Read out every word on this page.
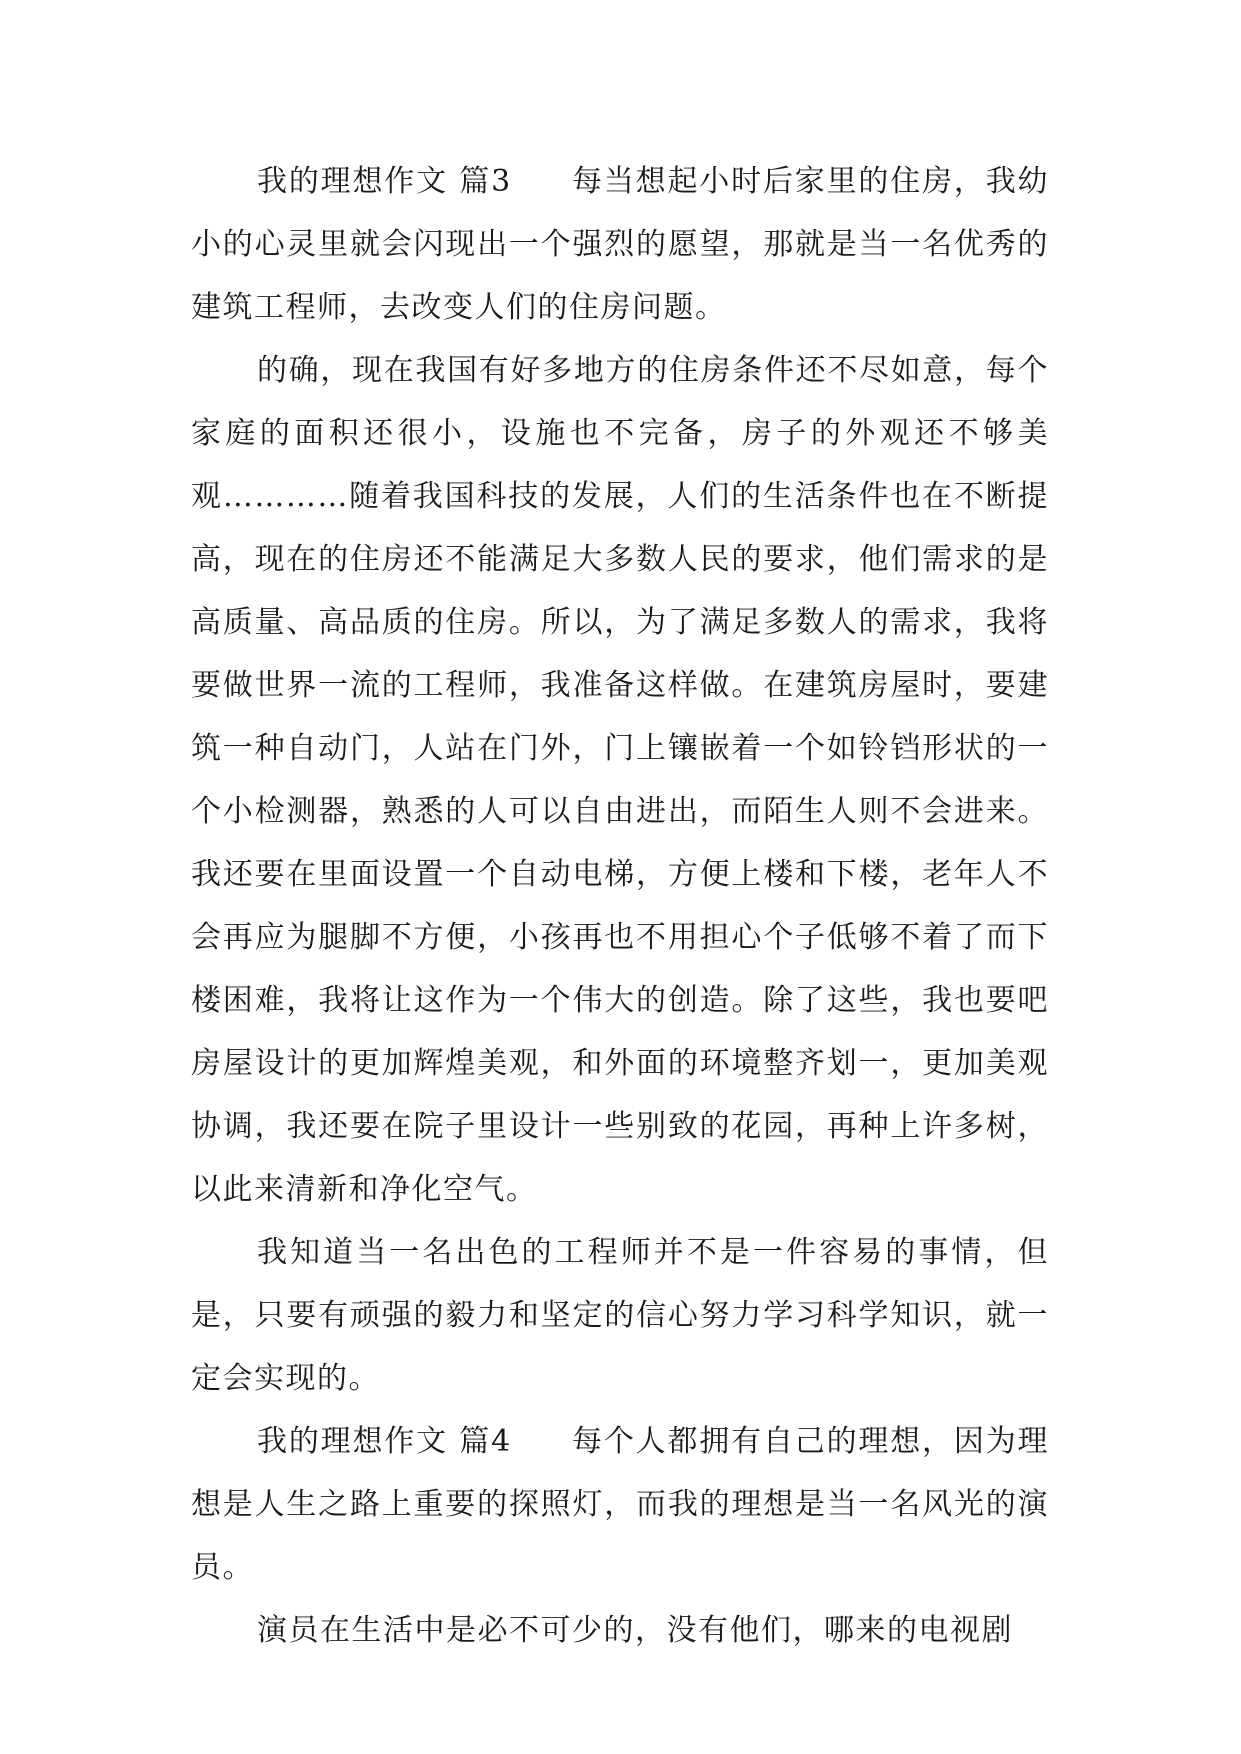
我的理想作文 篇3 每当想起小时后家里的住房，我幼小的心灵里就会闪现出一个强烈的愿望，那就是当一名优秀的建筑工程师，去改变人们的住房问题。

的确，现在我国有好多地方的住房条件还不尽如意，每个家庭的面积还很小，设施也不完备，房子的外观还不够美观…………随着我国科技的发展，人们的生活条件也在不断提高，现在的住房还不能满足大多数人民的要求，他们需求的是高质量、高品质的住房。所以，为了满足多数人的需求，我将要做世界一流的工程师，我准备这样做。在建筑房屋时，要建筑一种自动门，人站在门外，门上镶嵌着一个如铃铛形状的一个小检测器，熟悉的人可以自由进出，而陌生人则不会进来。我还要在里面设置一个自动电梯，方便上楼和下楼，老年人不会再应为腿脚不方便，小孩再也不用担心个子低够不着了而下楼困难，我将让这作为一个伟大的创造。除了这些，我也要吧房屋设计的更加辉煌美观，和外面的环境整齐划一，更加美观协调，我还要在院子里设计一些别致的花园，再种上许多树，以此来清新和净化空气。

我知道当一名出色的工程师并不是一件容易的事情，但是，只要有顽强的毅力和坚定的信心努力学习科学知识，就一定会实现的。

我的理想作文 篇4 每个人都拥有自己的理想，因为理想是人生之路上重要的探照灯，而我的理想是当一名风光的演员。

演员在生活中是必不可少的，没有他们，哪来的电视剧
